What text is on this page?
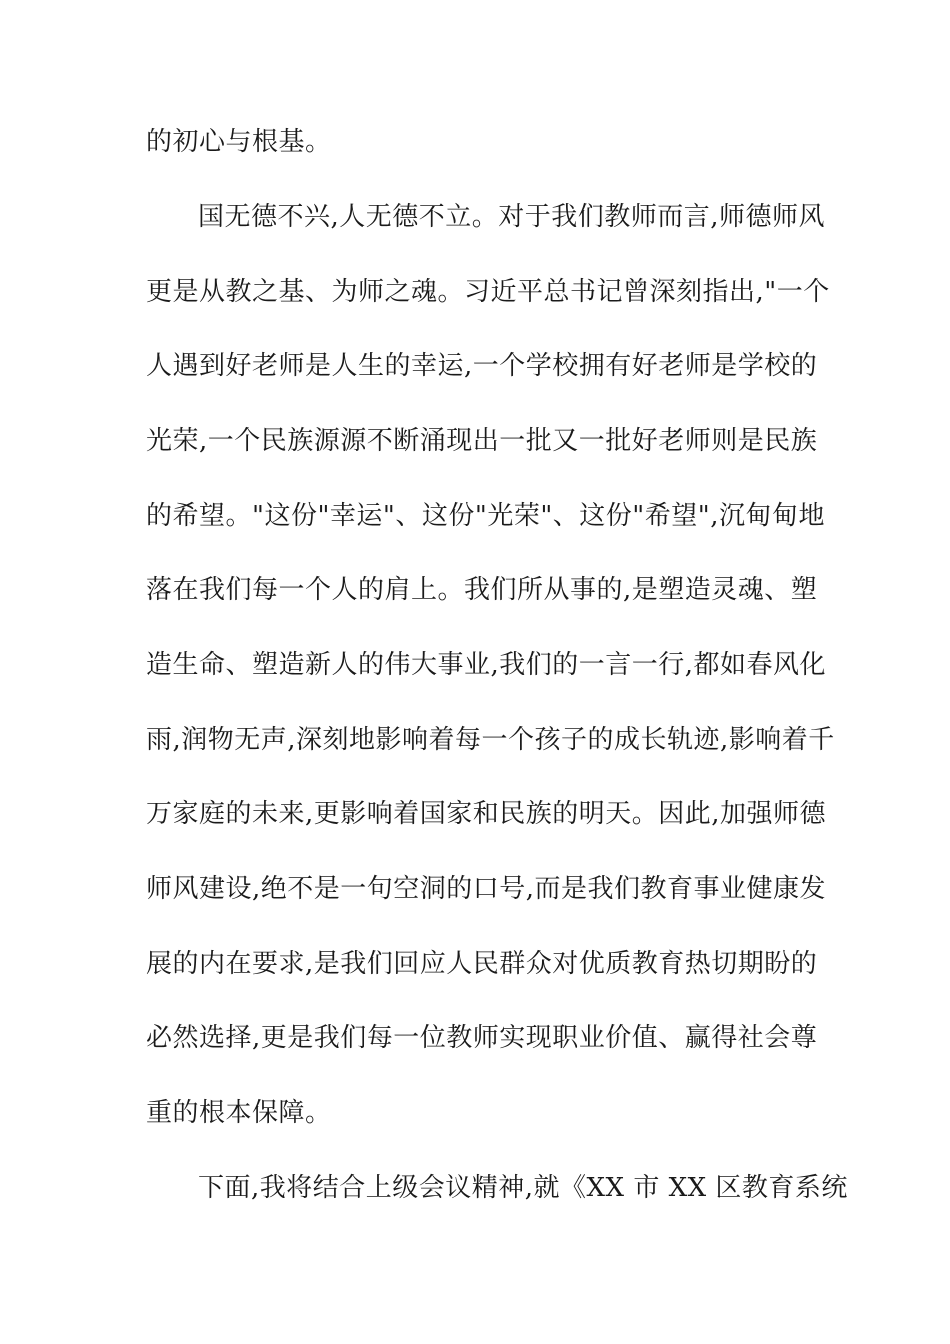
的初心与根基。

国无德不兴,人无德不立。对于我们教师而言,师德师风

更是从教之基、为师之魂。习近平总书记曾深刻指出,"一个

人遇到好老师是人生的幸运,一个学校拥有好老师是学校的

光荣,一个民族源源不断涌现出一批又一批好老师则是民族

的希望。"这份"幸运"、这份"光荣"、这份"希望",沉甸甸地

落在我们每一个人的肩上。我们所从事的,是塑造灵魂、塑

造生命、塑造新人的伟大事业,我们的一言一行,都如春风化

雨,润物无声,深刻地影响着每一个孩子的成长轨迹,影响着千

万家庭的未来,更影响着国家和民族的明天。因此,加强师德

师风建设,绝不是一句空洞的口号,而是我们教育事业健康发

展的内在要求,是我们回应人民群众对优质教育热切期盼的

必然选择,更是我们每一位教师实现职业价值、赢得社会尊

重的根本保障。

下面,我将结合上级会议精神,就《XX 市 XX 区教育系统
